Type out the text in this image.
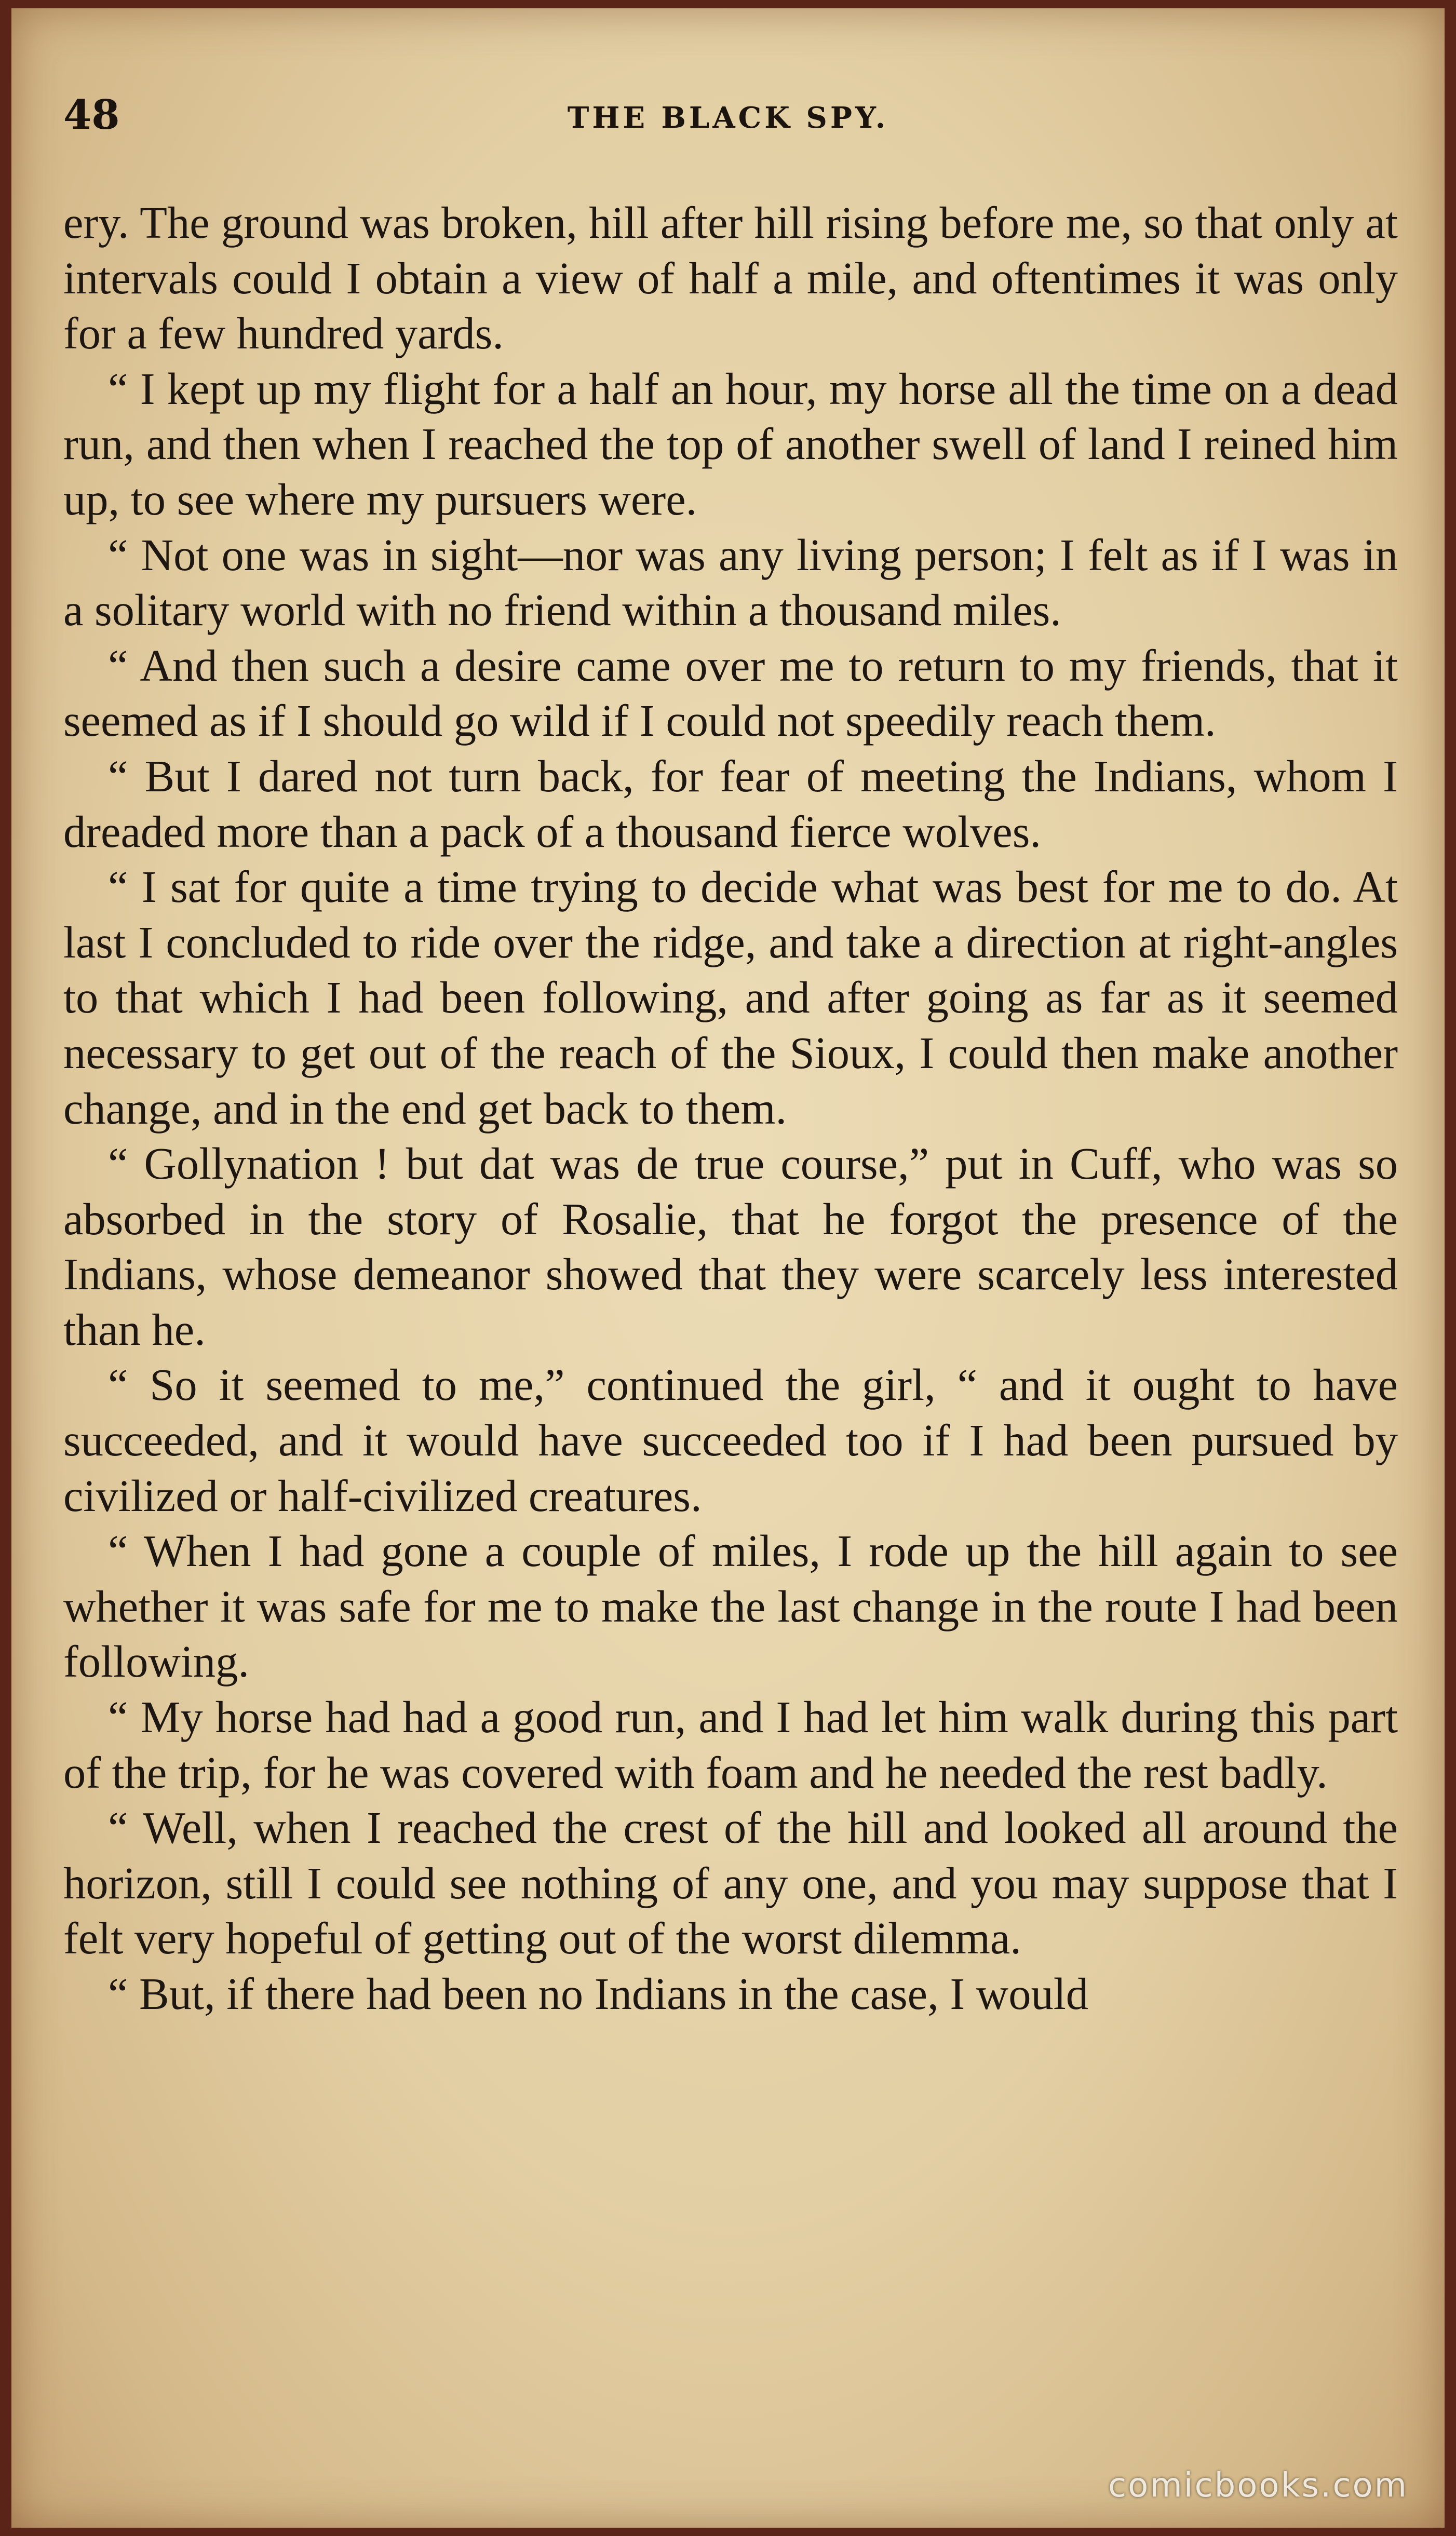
48	THE BLACK SPY.

ery. The ground was broken, hill after hill rising before me, so that only at intervals could I obtain a view of half a mile, and oftentimes it was only for a few hundred yards.

“ I kept up my flight for a half an hour, my horse all the time on a dead run, and then when I reached the top of another swell of land I reined him up, to see where my pursuers were.

“ Not one was in sight—nor was any living person; I felt as if I was in a solitary world with no friend within a thousand miles.

“ And then such a desire came over me to return to my friends, that it seemed as if I should go wild if I could not speedily reach them.

“ But I dared not turn back, for fear of meeting the Indians, whom I dreaded more than a pack of a thousand fierce wolves.

“ I sat for quite a time trying to decide what was best for me to do. At last I concluded to ride over the ridge, and take a direction at right-angles to that which I had been following, and after going as far as it seemed necessary to get out of the reach of the Sioux, I could then make another change, and in the end get back to them.

“ Gollynation ! but dat was de true course,” put in Cuff, who was so absorbed in the story of Rosalie, that he forgot the presence of the Indians, whose demeanor showed that they were scarcely less interested than he.

“ So it seemed to me,” continued the girl, “ and it ought to have succeeded, and it would have succeeded too if I had been pursued by civilized or half-civilized creatures.

“ When I had gone a couple of miles, I rode up the hill again to see whether it was safe for me to make the last change in the route I had been following.

“ My horse had had a good run, and I had let him walk during this part of the trip, for he was covered with foam and he needed the rest badly.

“ Well, when I reached the crest of the hill and looked all around the horizon, still I could see nothing of any one, and you may suppose that I felt very hopeful of getting out of the worst dilemma.

“ But, if there had been no Indians in the case, I would

comicbooks.com
